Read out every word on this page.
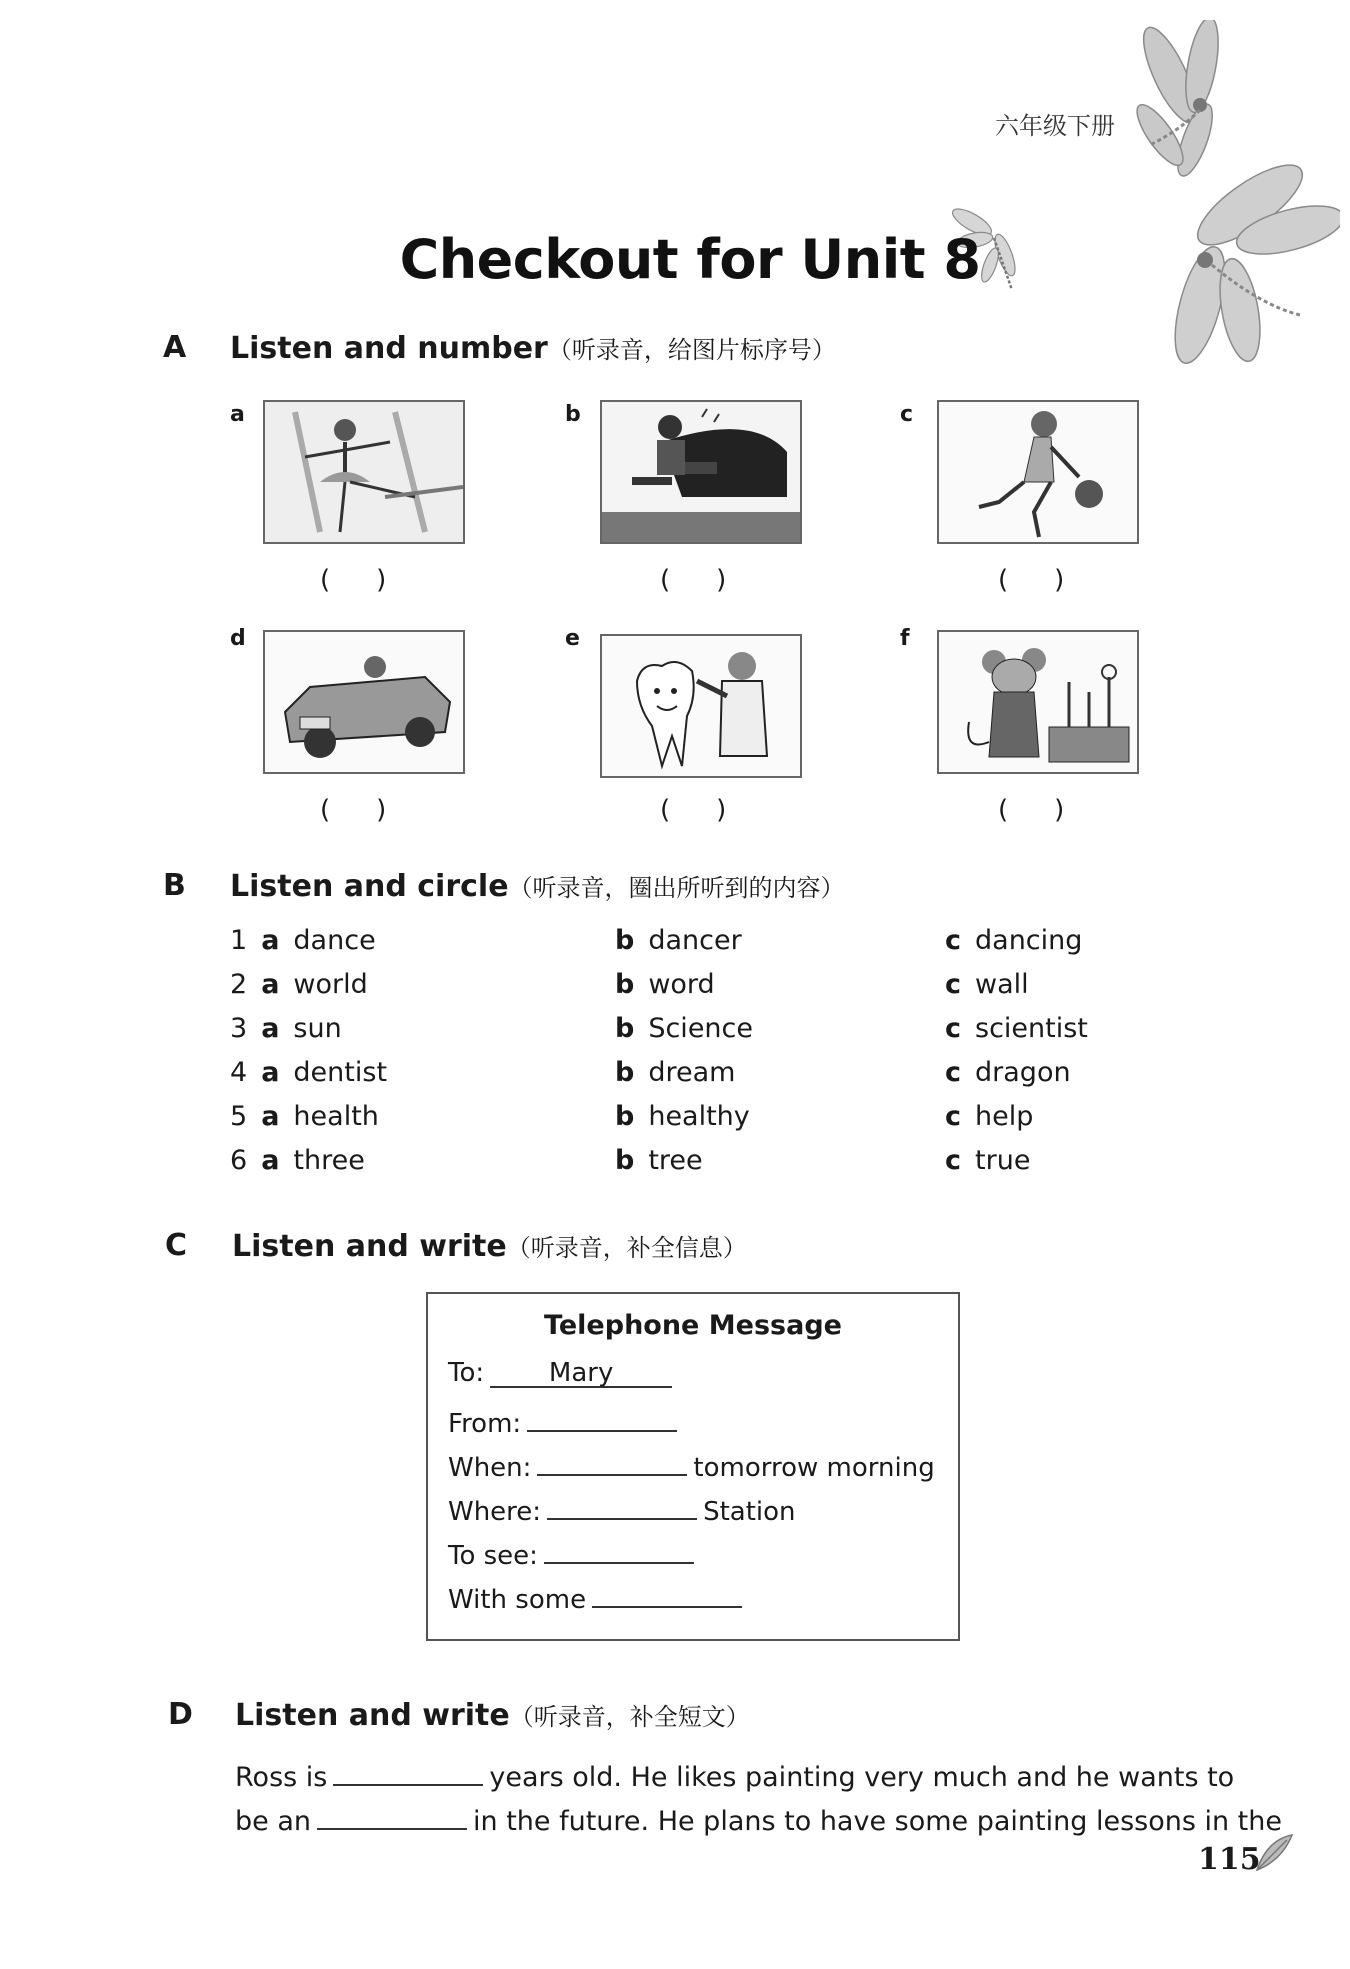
六年级下册
Checkout for Unit 8
A Listen and number（听录音，给图片标序号）
a
()
b
()
c
()
d
()
e
()
f
()
B Listen and circle（听录音，圈出所听到的内容）
1 a dance	b dancer	c dancing
2 a world	b word	c wall
3 a sun	b Science	c scientist
4 a dentist	b dream	c dragon
5 a health	b healthy	c help
6 a three	b tree	c true
C Listen and write（听录音，补全信息）
Telephone Message
To: Mary
From:
When:	tomorrow morning
Where:	Station
To see:
With some
D Listen and write（听录音，补全短文）
Ross is	years old. He likes painting very much and he wants to
be an	in the future. He plans to have some painting lessons in the
115
